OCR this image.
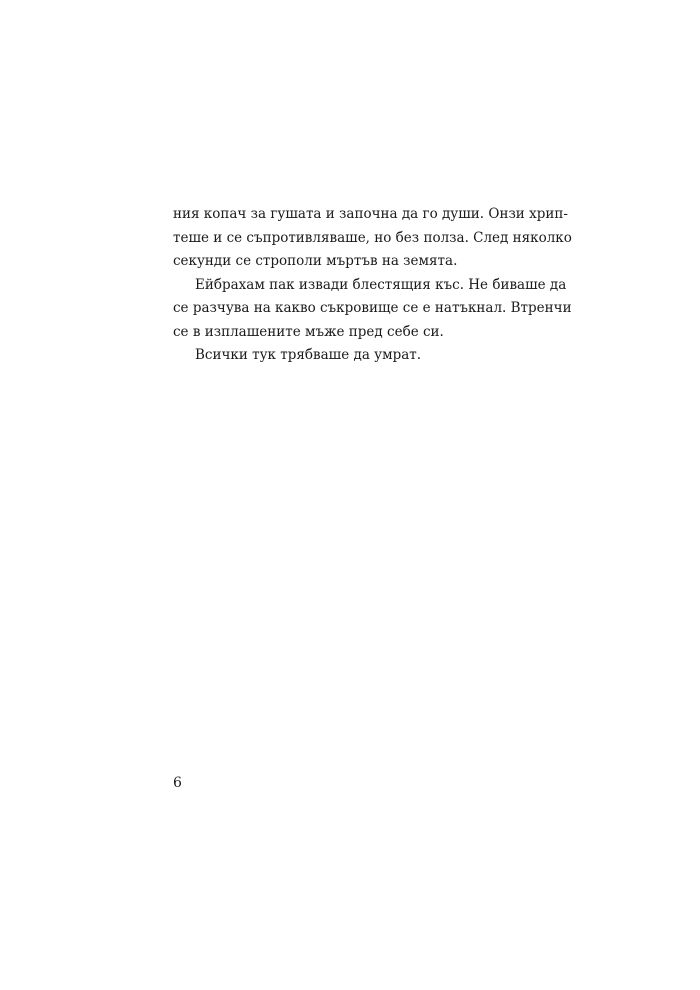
ния копач за гушата и започна да го души. Онзи хрип-
теше и се съпротивляваше, но без полза. След няколко
секунди се строполи мъртъв на земята.
Ейбрахам пак извади блестящия къс. Не биваше да
се разчува на какво съкровище се е натъкнал. Втренчи
се в изплашените мъже пред себе си.
Всички тук трябваше да умрат.
6
